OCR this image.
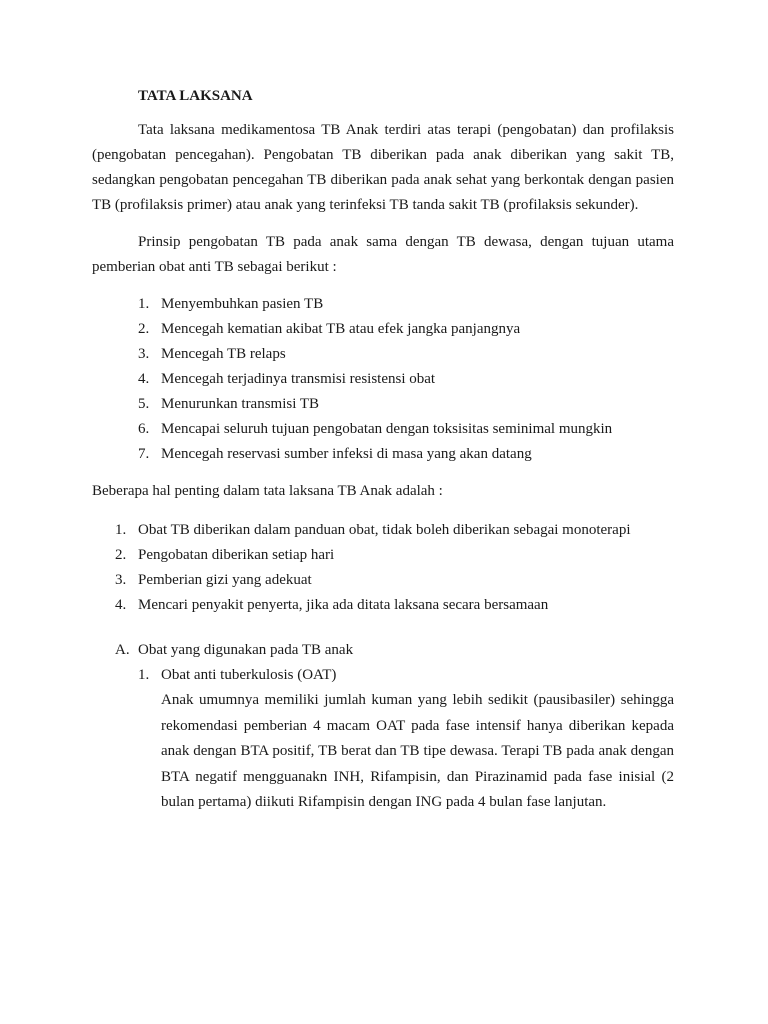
TATA LAKSANA

Tata laksana medikamentosa TB Anak terdiri atas terapi (pengobatan) dan profilaksis (pengobatan pencegahan). Pengobatan TB diberikan pada anak diberikan yang sakit TB, sedangkan pengobatan pencegahan TB diberikan pada anak sehat yang berkontak dengan pasien TB (profilaksis primer) atau anak yang terinfeksi TB tanda sakit TB (profilaksis sekunder).

Prinsip pengobatan TB pada anak sama dengan TB dewasa, dengan tujuan utama pemberian obat anti TB sebagai berikut :

1. Menyembuhkan pasien TB
2. Mencegah kematian akibat TB atau efek jangka panjangnya
3. Mencegah TB relaps
4. Mencegah terjadinya transmisi resistensi obat
5. Menurunkan transmisi TB
6. Mencapai seluruh tujuan pengobatan dengan toksisitas seminimal mungkin
7. Mencegah reservasi sumber infeksi di masa yang akan datang

Beberapa hal penting dalam tata laksana TB Anak adalah :

1. Obat TB diberikan dalam panduan obat, tidak boleh diberikan sebagai monoterapi
2. Pengobatan diberikan setiap hari
3. Pemberian gizi yang adekuat
4. Mencari penyakit penyerta, jika ada ditata laksana secara bersamaan
A. Obat yang digunakan pada TB anak
1. Obat anti tuberkulosis (OAT)

Anak umumnya memiliki jumlah kuman yang lebih sedikit (pausibasiler) sehingga rekomendasi pemberian 4 macam OAT pada fase intensif hanya diberikan kepada anak dengan BTA positif, TB berat dan TB tipe dewasa. Terapi TB pada anak dengan BTA negatif mengguanakn INH, Rifampisin, dan Pirazinamid pada fase inisial (2 bulan pertama) diikuti Rifampisin dengan ING pada 4 bulan fase lanjutan.
